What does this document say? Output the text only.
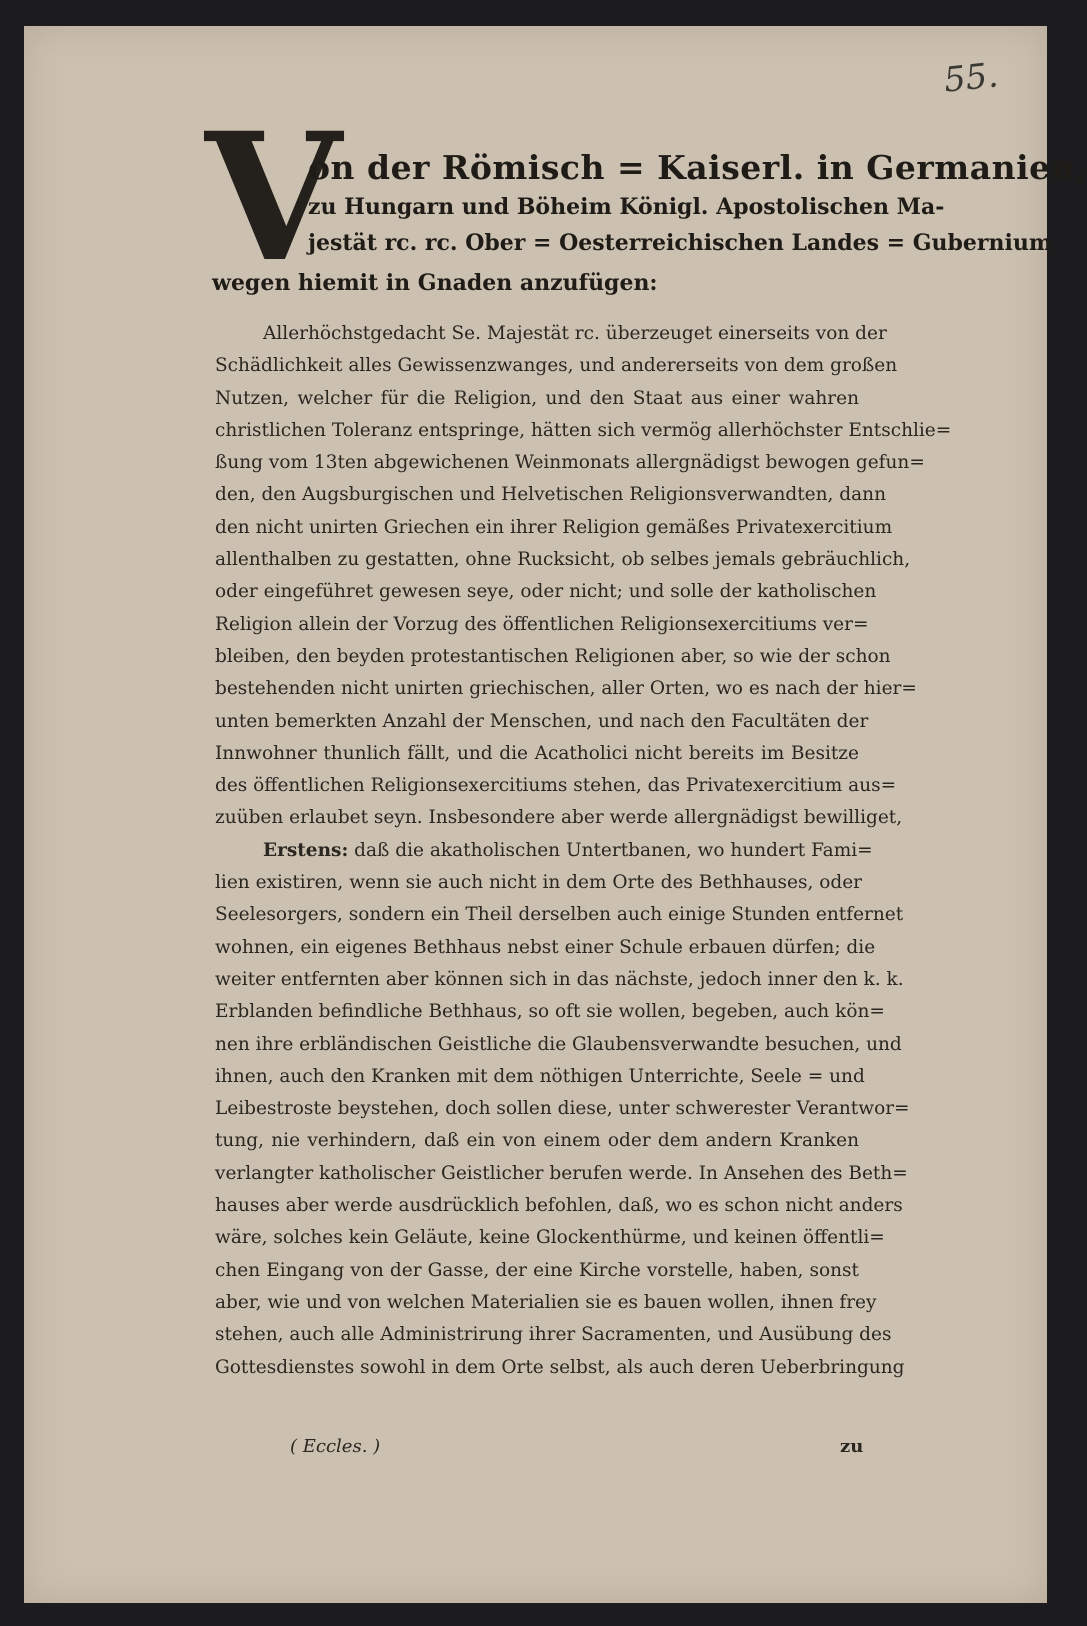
55.
V
on der Römisch = Kaiserl. in Germanien,
zu Hungarn und Böheim Königl. Apostolischen Ma-
jestät rc. rc. Ober = Oesterreichischen Landes = Gubernium
wegen hiemit in Gnaden anzufügen:
Allerhöchstgedacht Se. Majestät rc. überzeuget einerseits von der
Schädlichkeit alles Gewissenzwanges, und andererseits von dem großen
Nutzen, welcher für die Religion, und den Staat aus einer wahren
christlichen Toleranz entspringe, hätten sich vermög allerhöchster Entschlie=
ßung vom 13ten abgewichenen Weinmonats allergnädigst bewogen gefun=
den, den Augsburgischen und Helvetischen Religionsverwandten, dann
den nicht unirten Griechen ein ihrer Religion gemäßes Privatexercitium
allenthalben zu gestatten, ohne Rucksicht, ob selbes jemals gebräuchlich,
oder eingeführet gewesen seye, oder nicht; und solle der katholischen
Religion allein der Vorzug des öffentlichen Religionsexercitiums ver=
bleiben, den beyden protestantischen Religionen aber, so wie der schon
bestehenden nicht unirten griechischen, aller Orten, wo es nach der hier=
unten bemerkten Anzahl der Menschen, und nach den Facultäten der
Innwohner thunlich fällt, und die Acatholici nicht bereits im Besitze
des öffentlichen Religionsexercitiums stehen, das Privatexercitium aus=
zuüben erlaubet seyn. Insbesondere aber werde allergnädigst bewilliget,
Erstens: daß die akatholischen Untertbanen, wo hundert Fami=
lien existiren, wenn sie auch nicht in dem Orte des Bethhauses, oder
Seelesorgers, sondern ein Theil derselben auch einige Stunden entfernet
wohnen, ein eigenes Bethhaus nebst einer Schule erbauen dürfen; die
weiter entfernten aber können sich in das nächste, jedoch inner den k. k.
Erblanden befindliche Bethhaus, so oft sie wollen, begeben, auch kön=
nen ihre erbländischen Geistliche die Glaubensverwandte besuchen, und
ihnen, auch den Kranken mit dem nöthigen Unterrichte, Seele = und
Leibestroste beystehen, doch sollen diese, unter schwerester Verantwor=
tung, nie verhindern, daß ein von einem oder dem andern Kranken
verlangter katholischer Geistlicher berufen werde. In Ansehen des Beth=
hauses aber werde ausdrücklich befohlen, daß, wo es schon nicht anders
wäre, solches kein Geläute, keine Glockenthürme, und keinen öffentli=
chen Eingang von der Gasse, der eine Kirche vorstelle, haben, sonst
aber, wie und von welchen Materialien sie es bauen wollen, ihnen frey
stehen, auch alle Administrirung ihrer Sacramenten, und Ausübung des
Gottesdienstes sowohl in dem Orte selbst, als auch deren Ueberbringung
( Eccles. )	zu
